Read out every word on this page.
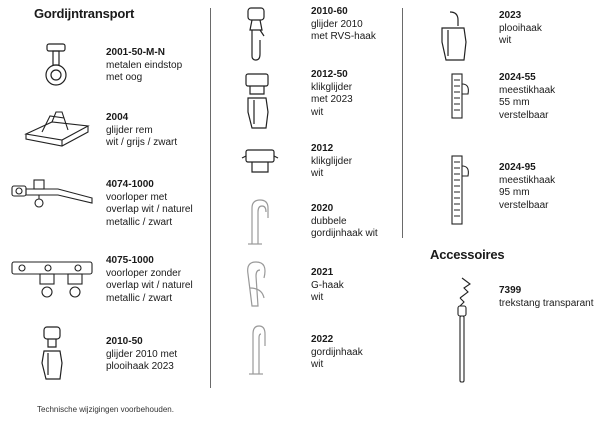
Gordijntransport
Accessoires
2001-50-M-N
metalen eindstop
met oog
2004
glijder rem
wit / grijs / zwart
4074-1000
voorloper met
overlap wit / naturel
metallic / zwart
4075-1000
voorloper zonder
overlap wit / naturel
metallic / zwart
2010-50
glijder 2010 met
plooihaak 2023
2010-60
glijder 2010
met RVS-haak
2012-50
klikglijder
met 2023
wit
2012
klikglijder
wit
2020
dubbele
gordijnhaak wit
2021
G-haak
wit
2022
gordijnhaak
wit
2023
plooihaak
wit
2024-55
meestikhaak
55 mm
verstelbaar
2024-95
meestikhaak
95 mm
verstelbaar
7399
trekstang transparant
Technische wijzigingen voorbehouden.
